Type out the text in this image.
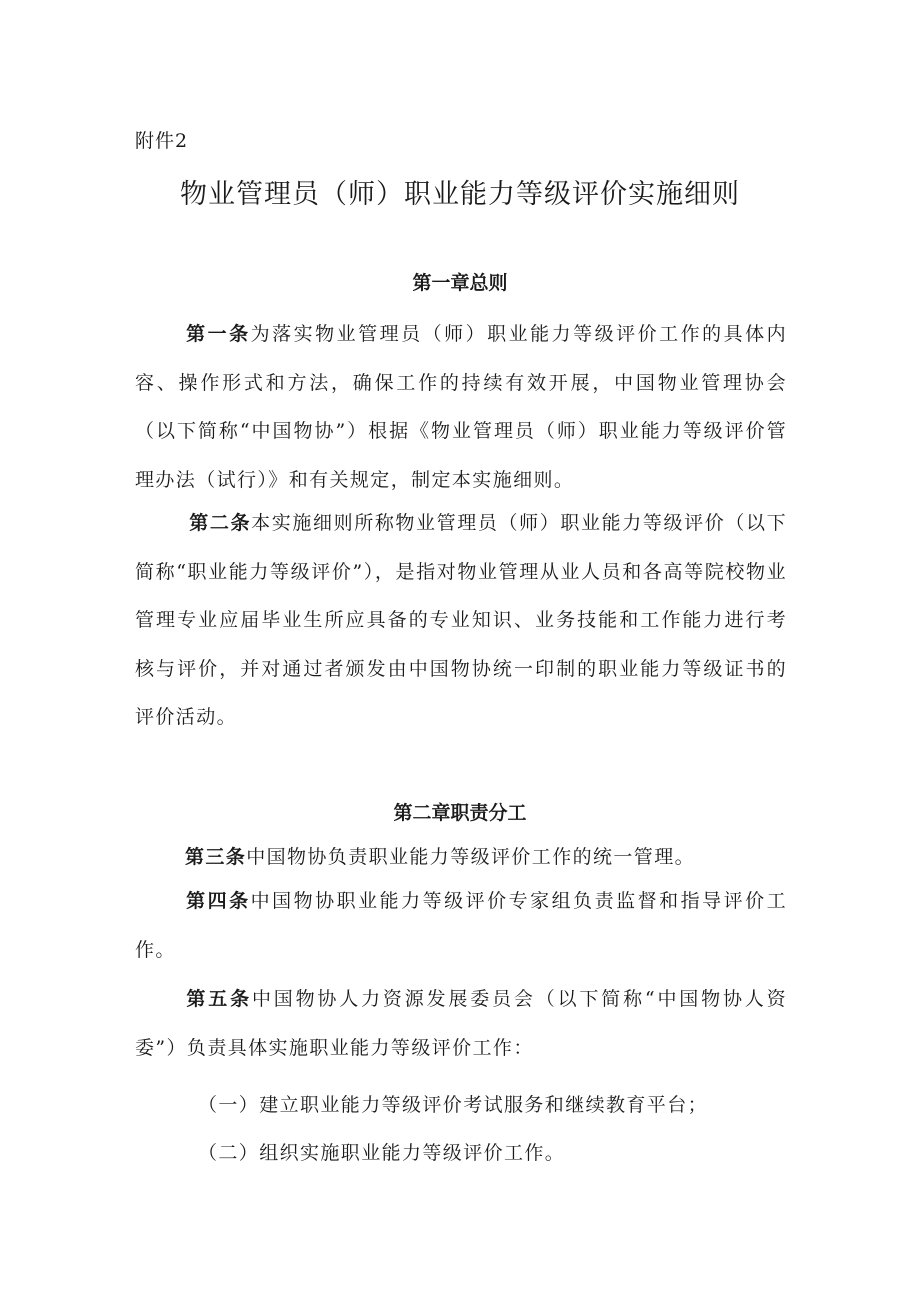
附件2
物业管理员（师）职业能力等级评价实施细则
第一章总则
第一条为落实物业管理员（师）职业能力等级评价工作的具体内容、操作形式和方法，确保工作的持续有效开展，中国物业管理协会（以下简称“中国物协”）根据《物业管理员（师）职业能力等级评价管理办法（试行）》和有关规定，制定本实施细则。
第二条本实施细则所称物业管理员（师）职业能力等级评价（以下简称“职业能力等级评价”），是指对物业管理从业人员和各高等院校物业管理专业应届毕业生所应具备的专业知识、业务技能和工作能力进行考核与评价，并对通过者颁发由中国物协统一印制的职业能力等级证书的评价活动。
第二章职责分工
第三条中国物协负责职业能力等级评价工作的统一管理。
第四条中国物协职业能力等级评价专家组负责监督和指导评价工作。
第五条中国物协人力资源发展委员会（以下简称“中国物协人资委”）负责具体实施职业能力等级评价工作：
（一）建立职业能力等级评价考试服务和继续教育平台；
（二）组织实施职业能力等级评价工作。
